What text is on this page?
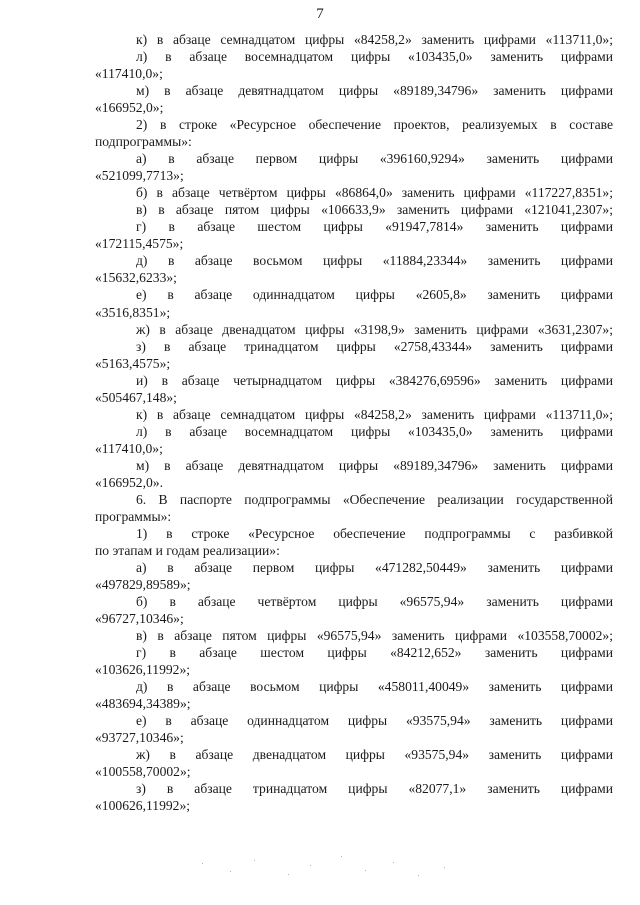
7
к) в абзаце семнадцатом цифры «84258,2» заменить цифрами «113711,0»;
л) в абзаце восемнадцатом цифры «103435,0» заменить цифрами
«117410,0»;
м) в абзаце девятнадцатом цифры «89189,34796» заменить цифрами
«166952,0»;
2) в строке «Ресурсное обеспечение проектов, реализуемых в составе
подпрограммы»:
а) в абзаце первом цифры «396160,9294» заменить цифрами
«521099,7713»;
б) в абзаце четвёртом цифры «86864,0» заменить цифрами «117227,8351»;
в) в абзаце пятом цифры «106633,9» заменить цифрами «121041,2307»;
г) в абзаце шестом цифры «91947,7814» заменить цифрами
«172115,4575»;
д) в абзаце восьмом цифры «11884,23344» заменить цифрами
«15632,6233»;
е) в абзаце одиннадцатом цифры «2605,8» заменить цифрами
«3516,8351»;
ж) в абзаце двенадцатом цифры «3198,9» заменить цифрами «3631,2307»;
з) в абзаце тринадцатом цифры «2758,43344» заменить цифрами
«5163,4575»;
и) в абзаце четырнадцатом цифры «384276,69596» заменить цифрами
«505467,148»;
к) в абзаце семнадцатом цифры «84258,2» заменить цифрами «113711,0»;
л) в абзаце восемнадцатом цифры «103435,0» заменить цифрами
«117410,0»;
м) в абзаце девятнадцатом цифры «89189,34796» заменить цифрами
«166952,0».
6. В паспорте подпрограммы «Обеспечение реализации государственной
программы»:
1) в строке «Ресурсное обеспечение подпрограммы с разбивкой
по этапам и годам реализации»:
а) в абзаце первом цифры «471282,50449» заменить цифрами
«497829,89589»;
б) в абзаце четвёртом цифры «96575,94» заменить цифрами
«96727,10346»;
в) в абзаце пятом цифры «96575,94» заменить цифрами «103558,70002»;
г) в абзаце шестом цифры «84212,652» заменить цифрами
«103626,11992»;
д) в абзаце восьмом цифры «458011,40049» заменить цифрами
«483694,34389»;
е) в абзаце одиннадцатом цифры «93575,94» заменить цифрами
«93727,10346»;
ж) в абзаце двенадцатом цифры «93575,94» заменить цифрами
«100558,70002»;
з) в абзаце тринадцатом цифры «82077,1» заменить цифрами
«100626,11992»;
